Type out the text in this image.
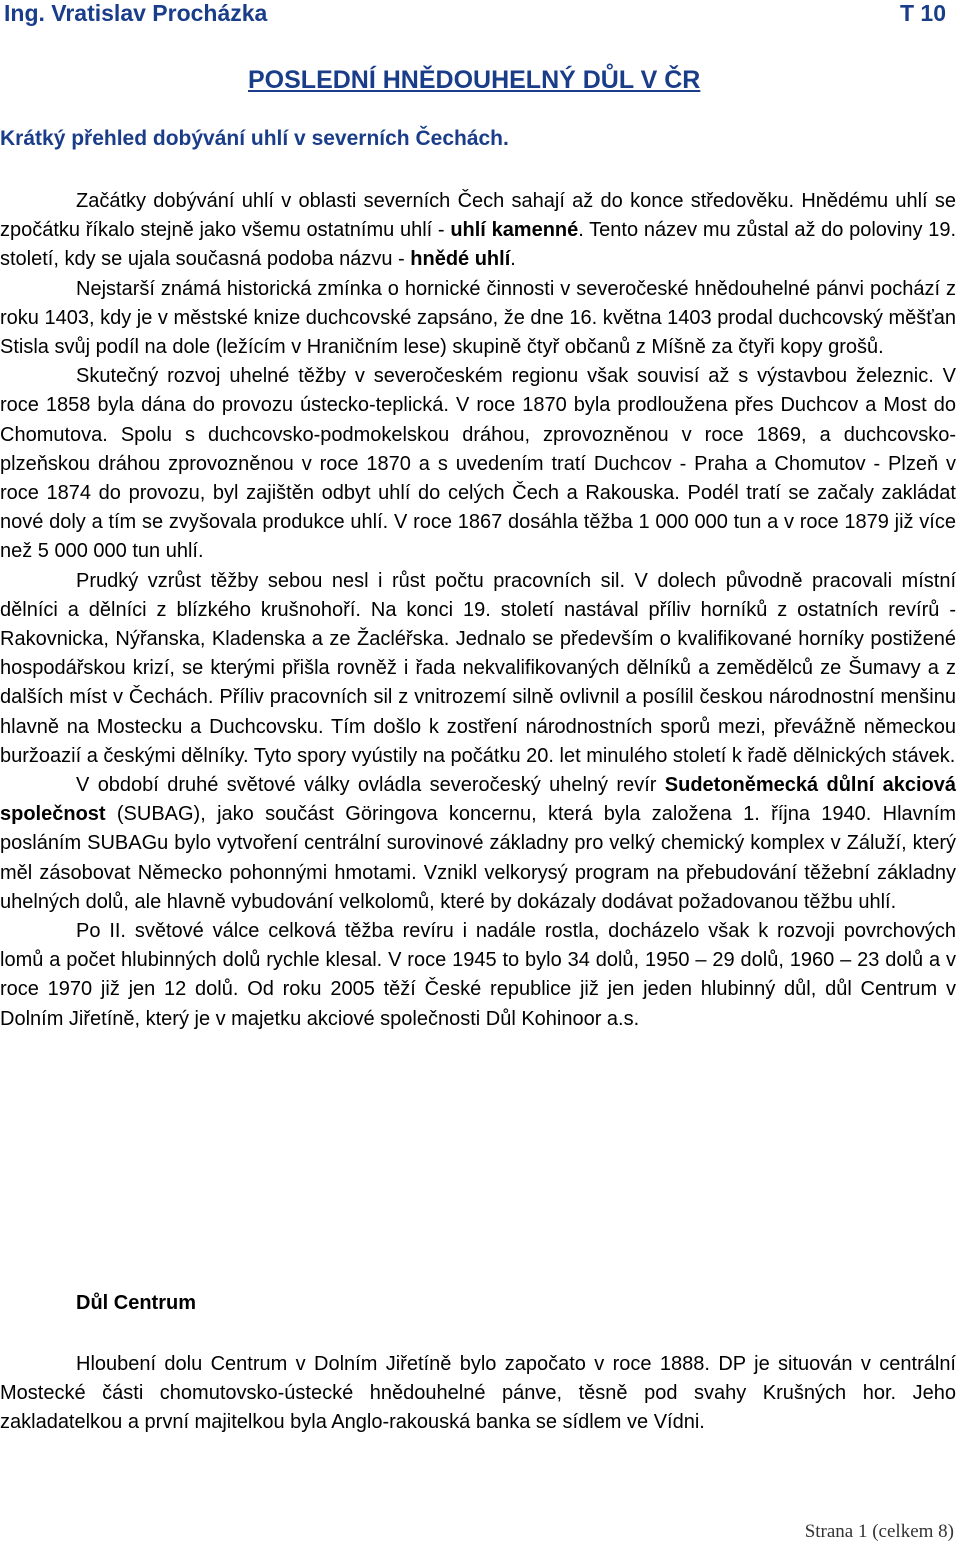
Ing. Vratislav Procházka	T 10
POSLEDNÍ HNĚDOUHELNÝ DŮL V ČR
Krátký přehled dobývání uhlí v severních Čechách.

Začátky dobývání uhlí v oblasti severních Čech sahají až do konce středověku. Hnědému uhlí se zpočátku říkalo stejně jako všemu ostatnímu uhlí - uhlí kamenné. Tento název mu zůstal až do poloviny 19. století, kdy se ujala současná podoba názvu - hnědé uhlí.

Nejstarší známá historická zmínka o hornické činnosti v severočeské hnědouhelné pánvi pochází z roku 1403, kdy je v městské knize duchcovské zapsáno, že dne 16. května 1403 prodal duchcovský měšťan Stisla svůj podíl na dole (ležícím v Hraničním lese) skupině čtyř občanů z Míšně za čtyři kopy grošů.

Skutečný rozvoj uhelné těžby v severočeském regionu však souvisí až s výstavbou železnic. V roce 1858 byla dána do provozu ústecko-teplická. V roce 1870 byla prodloužena přes Duchcov a Most do Chomutova. Spolu s duchcovsko-podmokelskou dráhou, zprovozněnou v roce 1869, a duchcovsko-plzeňskou dráhou zprovozněnou v roce 1870 a s uvedením tratí Duchcov - Praha a Chomutov - Plzeň v roce 1874 do provozu, byl zajištěn odbyt uhlí do celých Čech a Rakouska. Podél tratí se začaly zakládat nové doly a tím se zvyšovala produkce uhlí. V roce 1867 dosáhla těžba 1 000 000 tun a v roce 1879 již více než 5 000 000 tun uhlí.

Prudký vzrůst těžby sebou nesl i růst počtu pracovních sil. V dolech původně pracovali místní dělníci a dělníci z blízkého krušnohoří. Na konci 19. století nastával příliv horníků z ostatních revírů - Rakovnicka, Nýřanska, Kladenska a ze Žacléřska. Jednalo se především o kvalifikované horníky postižené hospodářskou krizí, se kterými přišla rovněž i řada nekvalifikovaných dělníků a zemědělců ze Šumavy a z dalších míst v Čechách. Příliv pracovních sil z vnitrozemí silně ovlivnil a posílil českou národnostní menšinu hlavně na Mostecku a Duchcovsku. Tím došlo k zostření národnostních sporů mezi, převážně německou buržoazií a českými dělníky. Tyto spory vyústily na počátku 20. let minulého století k řadě dělnických stávek.

V období druhé světové války ovládla severočeský uhelný revír Sudetoněmecká důlní akciová společnost (SUBAG), jako součást Göringova koncernu, která byla založena 1. října 1940. Hlavním posláním SUBAGu bylo vytvoření centrální surovinové základny pro velký chemický komplex v Záluží, který měl zásobovat Německo pohonnými hmotami. Vznikl velkorysý program na přebudování těžební základny uhelných dolů, ale hlavně vybudování velkolomů, které by dokázaly dodávat požadovanou těžbu uhlí.

Po II. světové válce celková těžba revíru i nadále rostla, docházelo však k rozvoji povrchových lomů a počet hlubinných dolů rychle klesal. V roce 1945 to bylo 34 dolů, 1950 – 29 dolů, 1960 – 23 dolů a v roce 1970 již jen 12 dolů. Od roku 2005 těží České republice již jen jeden hlubinný důl, důl Centrum v Dolním Jiřetíně, který je v majetku akciové společnosti Důl Kohinoor a.s.

Důl Centrum

Hloubení dolu Centrum v Dolním Jiřetíně bylo započato v roce 1888. DP je situován v centrální Mostecké části chomutovsko-ústecké hnědouhelné pánve, těsně pod svahy Krušných hor. Jeho zakladatelkou a první majitelkou byla Anglo-rakouská banka se sídlem ve Vídni.

Strana 1 (celkem 8)
